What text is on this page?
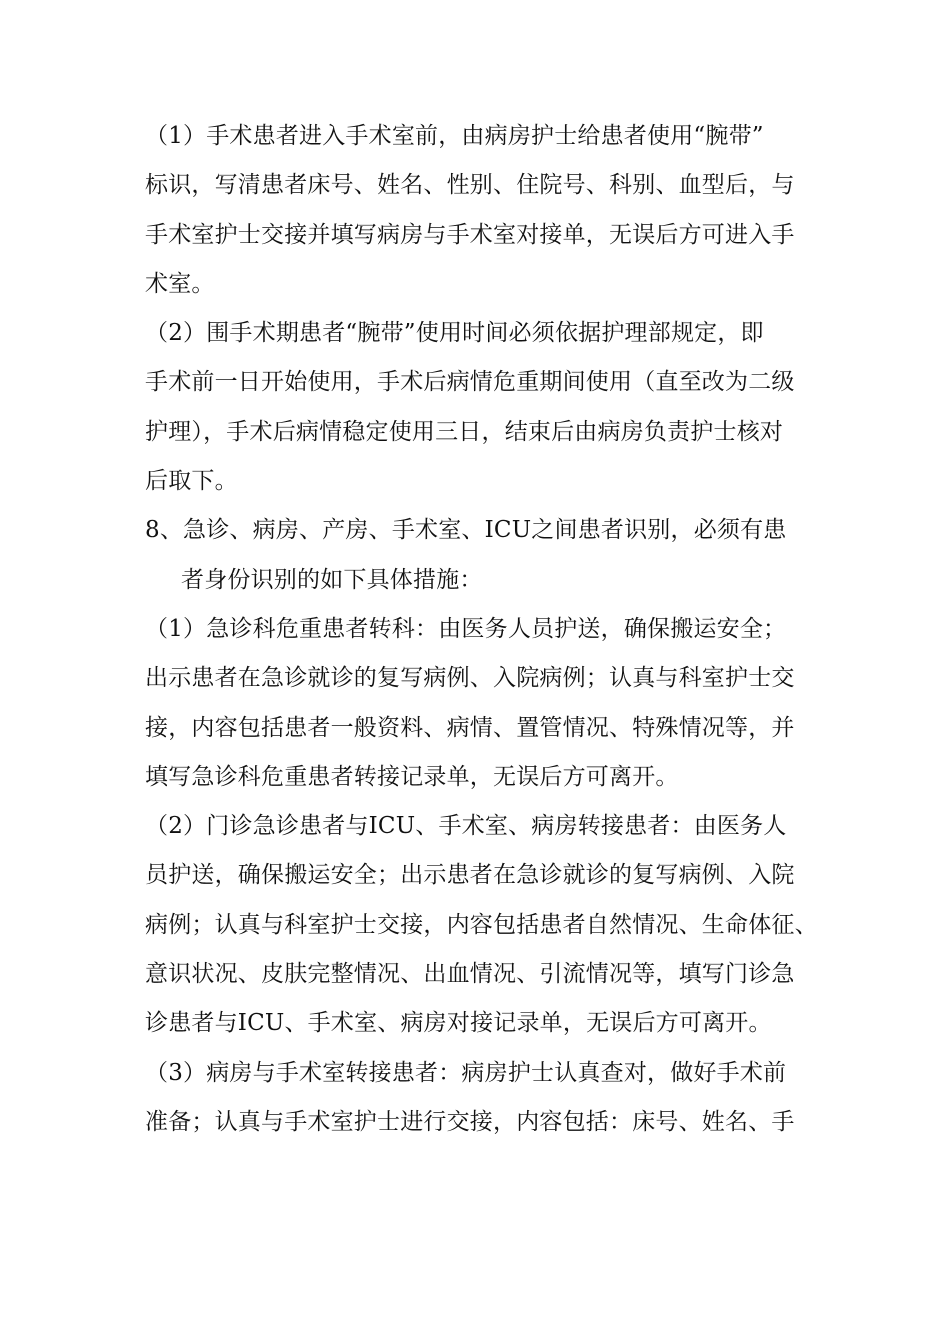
（1）手术患者进入手术室前，由病房护士给患者使用“腕带”
标识，写清患者床号、姓名、性别、住院号、科别、血型后，与
手术室护士交接并填写病房与手术室对接单，无误后方可进入手
术室。
（2）围手术期患者“腕带”使用时间必须依据护理部规定，即
手术前一日开始使用，手术后病情危重期间使用（直至改为二级
护理），手术后病情稳定使用三日，结束后由病房负责护士核对
后取下。
8、急诊、病房、产房、手术室、ICU之间患者识别，必须有患
者身份识别的如下具体措施：
（1）急诊科危重患者转科：由医务人员护送，确保搬运安全；
出示患者在急诊就诊的复写病例、入院病例；认真与科室护士交
接，内容包括患者一般资料、病情、置管情况、特殊情况等，并
填写急诊科危重患者转接记录单，无误后方可离开。
（2）门诊急诊患者与ICU、手术室、病房转接患者：由医务人
员护送，确保搬运安全；出示患者在急诊就诊的复写病例、入院
病例；认真与科室护士交接，内容包括患者自然情况、生命体征、
意识状况、皮肤完整情况、出血情况、引流情况等，填写门诊急
诊患者与ICU、手术室、病房对接记录单，无误后方可离开。
（3）病房与手术室转接患者：病房护士认真查对，做好手术前
准备；认真与手术室护士进行交接，内容包括：床号、姓名、手
